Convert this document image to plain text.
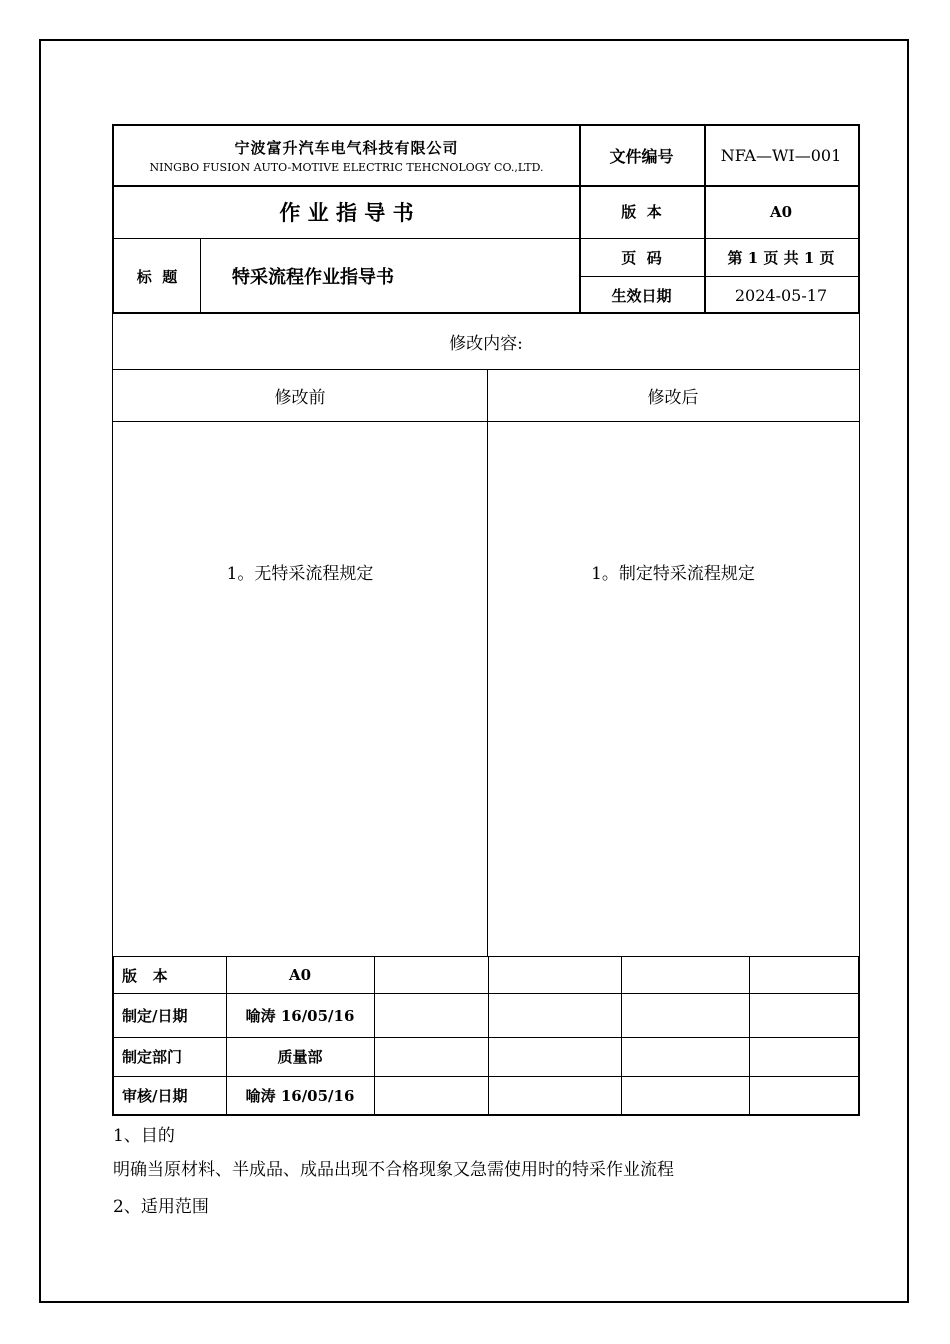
宁波富升汽车电气科技有限公司
NINGBO FUSION AUTO-MOTIVE ELECTRIC TEHCNOLOGY CO.,LTD.
文件编号	NFA—WI—001
作 业 指 导 书	版  本	A0
标  题	特采流程作业指导书
页  码	第 1 页 共 1 页
生效日期	2024-05-17
修改内容:
修改前	修改后
1。无特采流程规定	1。制定特采流程规定
版   本	A0
制定/日期	喻涛 16/05/16
制定部门	质量部
审核/日期	喻涛 16/05/16
1、目的
明确当原材料、半成品、成品出现不合格现象又急需使用时的特采作业流程
2、适用范围
